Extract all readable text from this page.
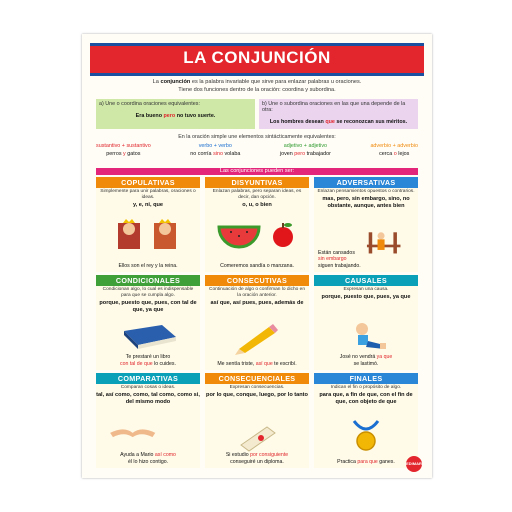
LA CONJUNCIÓN
La conjunción es la palabra invariable que sirve para enlazar palabras u oraciones.
Tiene dos funciones dentro de la oración: coordina y subordina.
a) Une o coordina oraciones equivalentes:
Era bueno pero no tuvo suerte.
b) Une o subordina oraciones en las que una depende de la otra:
Los hombres desean que se reconozcan sus méritos.
En la oración simple une elementos sintácticamente equivalentes:
sustantivo + sustantivo
perros y gatos
verbo + verbo
no corría sino volaba
adjetivo + adjetivo
joven pero trabajador
adverbio + adverbio
cerca o lejos
Las conjunciones pueden ser:
COPULATIVAS
Simplemente para unir palabras, oraciones o ideas.
y, e, ni, que
Ellos son el rey y la reina.
DISYUNTIVAS
Enlazan palabras, pero separan ideas, es decir, dan opción.
o, u, o bien
Comeremos sandía o manzana.
ADVERSATIVAS
Enlazan pensamientos opuestos o contrarios.
mas, pero, sin embargo, sino, no obstante, aunque, antes bien
Están cansados
sin embargo
siguen trabajando.
CONDICIONALES
Condicionan algo, lo cual es indispensable para que se cumpla algo.
porque, puesto que, pues, con tal de que, ya que
Te prestaré un libro
con tal de que lo cuides.
CONSECUTIVAS
Continuación de algo o confirman lo dicho en la oración anterior.
así que, así pues, pues, además de
Me sentía triste, así que te escribí.
CAUSALES
Expresan una causa.
porque, puesto que, pues, ya que
José no vendrá ya que
se lastimó.
COMPARATIVAS
Comparan cosas o ideas.
tal, así como, como, tal como, como si, del mismo modo
Ayuda a Mario así como
él lo hizo contigo.
CONSECUENCIALES
Expresan consecuencias.
por lo que, conque, luego, por lo tanto
Si estudio por consiguiente
conseguiré un diploma.
FINALES
Indican el fin o propósito de algo.
para que, a fin de que, con el fin de que, con objeto de que
Practica para que ganes.	EDIMAR
